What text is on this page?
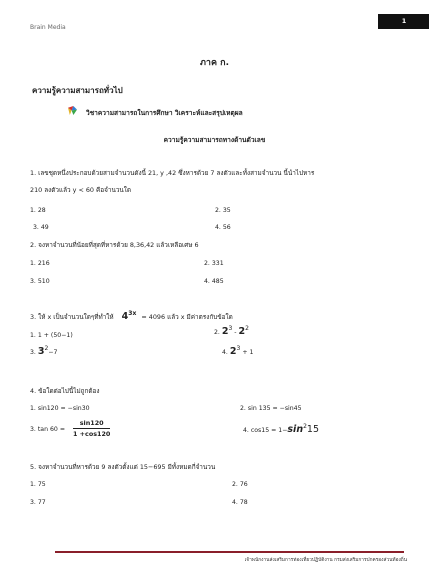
Brain Media
1
ภาค ก.
ความรู้ความสามารถทั่วไป
วิชาความสามารถในการศึกษา วิเคราะห์และสรุปเหตุผล
ความรู้ความสามารถทางด้านตัวเลข
1. เลขชุดหนึ่งประกอบด้วยสามจำนวนดังนี้ 21, y ,42 ซึ่งหารด้วย 7 ลงตัวและทั้งสามจำนวน นี้นำไปหาร
210 ลงตัวแล้ว y < 60 คือจำนวนใด
1. 28	2. 35
3. 49	4. 56
2. จงหาจำนวนที่น้อยที่สุดที่หารด้วย 8,36,42 แล้วเหลือเศษ 6
1. 216	2. 331
3. 510	4. 485
3. ให้ x เป็นจำนวนใดๆที่ทำให้ 43x = 4096 แล้ว x มีค่าตรงกับข้อใด
1. 1 + (50−1)	2. 23 - 22
3. 32−7	4. 23+ 1
4. ข้อใดต่อไปนี้ไม่ถูกต้อง
1. sin120 = −sin30	2. sin 135 = −sin45
3. $\tan 60 = \frac{\sin 120}{1 +\cos 120}$	4. cos15 = 1−sin215
5. จงหาจำนวนที่หารด้วย 9 ลงตัวตั้งแต่ 15−695 มีทั้งหมดกี่จำนวน
1. 75	2. 76
3. 77	4. 78
เจ้าพนักงานส่งเสริมการท่องเที่ยวปฏิบัติงาน กรมส่งเสริมการปกครองส่วนท้องถิ่น
